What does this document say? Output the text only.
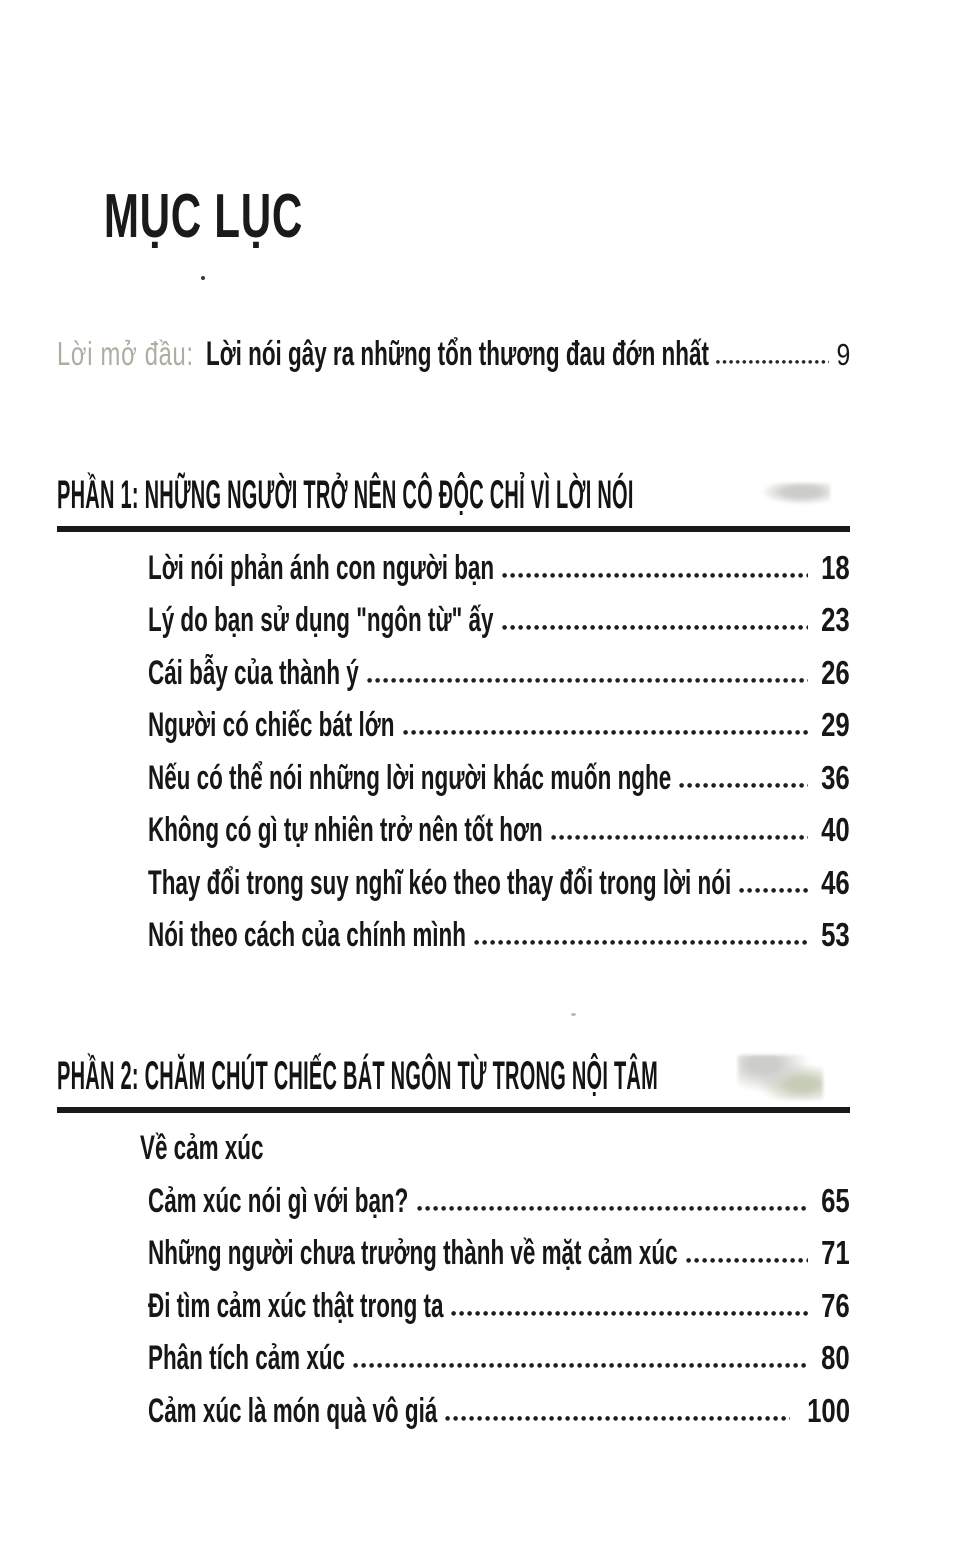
MỤC LỤC
Lời mở đầu: Lời nói gây ra những tổn thương đau đớn nhất	9
PHẦN 1: NHỮNG NGƯỜI TRỞ NÊN CÔ ĐỘC CHỈ VÌ LỜI NÓI
Lời nói phản ánh con người bạn	18
Lý do bạn sử dụng "ngôn từ" ấy	23
Cái bẫy của thành ý	26
Người có chiếc bát lớn	29
Nếu có thể nói những lời người khác muốn nghe	36
Không có gì tự nhiên trở nên tốt hơn	40
Thay đổi trong suy nghĩ kéo theo thay đổi trong lời nói	46
Nói theo cách của chính mình	53
PHẦN 2: CHĂM CHÚT CHIẾC BÁT NGÔN TỪ TRONG NỘI TÂM
Về cảm xúc
Cảm xúc nói gì với bạn?	65
Những người chưa trưởng thành về mặt cảm xúc	71
Đi tìm cảm xúc thật trong ta	76
Phân tích cảm xúc	80
Cảm xúc là món quà vô giá	100
